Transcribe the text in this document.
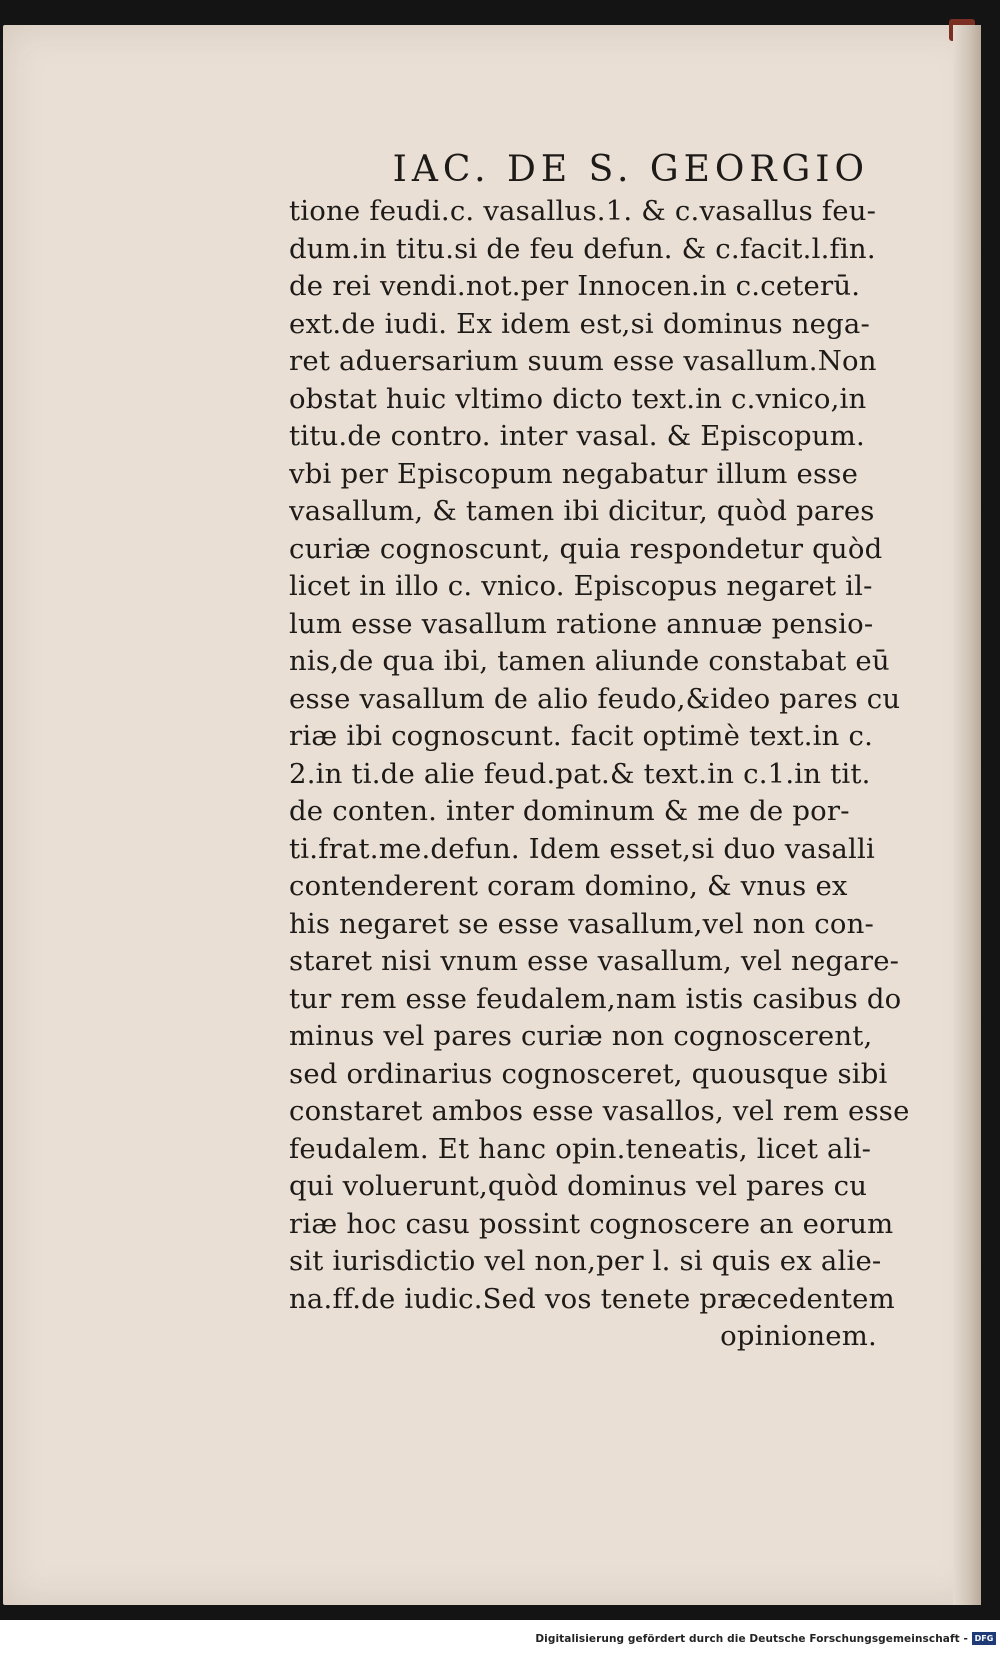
IAC. DE S. GEORGIO
tione feudi.c. vasallus.1. & c.vasallus feu-
dum.in titu.si de feu defun. & c.facit.l.fin.
de rei vendi.not.per Innocen.in c.ceterū.
ext.de iudi. Ex idem est,si dominus nega-
ret aduersarium suum esse vasallum.Non
obstat huic vltimo dicto text.in c.vnico,in
titu.de contro. inter vasal. & Episcopum.
vbi per Episcopum negabatur illum esse
vasallum, & tamen ibi dicitur, quòd pares
curiæ cognoscunt, quia respondetur quòd
licet in illo c. vnico. Episcopus negaret il-
lum esse vasallum ratione annuæ pensio-
nis,de qua ibi, tamen aliunde constabat eū
esse vasallum de alio feudo,&ideo pares cu
riæ ibi cognoscunt. facit optimè text.in c.
2.in ti.de alie feud.pat.& text.in c.1.in tit.
de conten. inter dominum & me de por-
ti.frat.me.defun. Idem esset,si duo vasalli
contenderent coram domino, & vnus ex
his negaret se esse vasallum,vel non con-
staret nisi vnum esse vasallum, vel negare-
tur rem esse feudalem,nam istis casibus do
minus vel pares curiæ non cognoscerent,
sed ordinarius cognosceret, quousque sibi
constaret ambos esse vasallos, vel rem esse
feudalem. Et hanc opin.teneatis, licet ali-
qui voluerunt,quòd dominus vel pares cu
riæ hoc casu possint cognoscere an eorum
sit iurisdictio vel non,per l. si quis ex alie-
na.ff.de iudic.Sed vos tenete præcedentem
opinionem.
Digitalisierung gefördert durch die Deutsche Forschungsgemeinschaft - DFG
